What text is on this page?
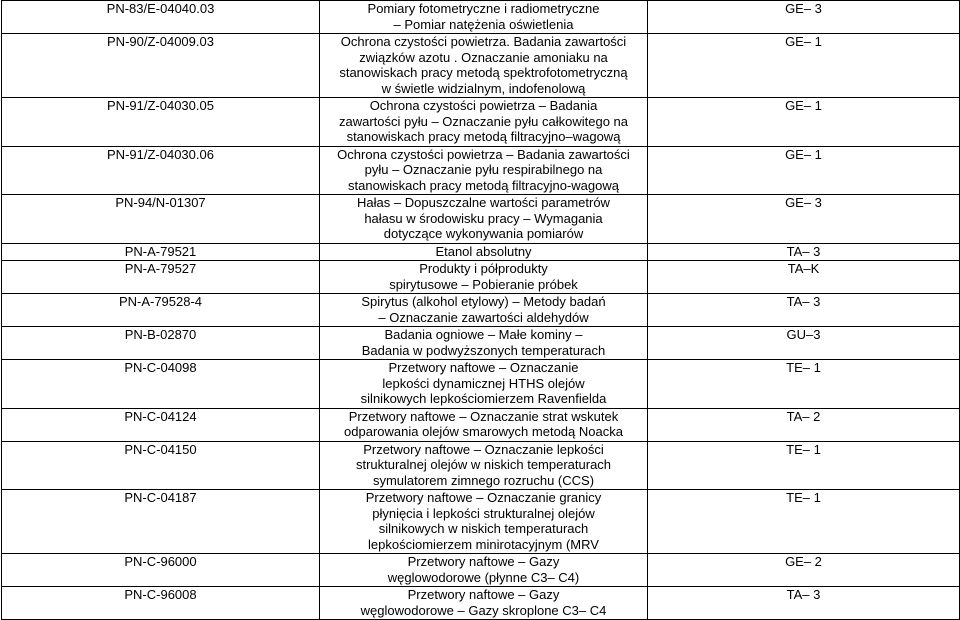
PN-83/E-04040.03	Pomiary fotometryczne i radiometryczne
– Pomiar natężenia oświetlenia	GE– 3
PN-90/Z-04009.03	Ochrona czystości powietrza. Badania zawartości
związków azotu . Oznaczanie amoniaku na
stanowiskach pracy metodą spektrofotometryczną
w świetle widzialnym, indofenolową	GE– 1
PN-91/Z-04030.05	Ochrona czystości powietrza – Badania
zawartości pyłu – Oznaczanie pyłu całkowitego na
stanowiskach pracy metodą filtracyjno–wagową	GE– 1
PN-91/Z-04030.06	Ochrona czystości powietrza – Badania zawartości
pyłu – Oznaczanie pyłu respirabilnego na
stanowiskach pracy metodą filtracyjno-wagową	GE– 1
PN-94/N-01307	Hałas – Dopuszczalne wartości parametrów
hałasu w środowisku pracy – Wymagania
dotyczące wykonywania pomiarów	GE– 3
PN-A-79521	Etanol absolutny	TA– 3
PN-A-79527	Produkty i półprodukty
spirytusowe – Pobieranie próbek	TA–K
PN-A-79528-4	Spirytus (alkohol etylowy) – Metody badań
– Oznaczanie zawartości aldehydów	TA– 3
PN-B-02870	Badania ogniowe – Małe kominy –
Badania w podwyższonych temperaturach	GU–3
PN-C-04098	Przetwory naftowe – Oznaczanie
lepkości dynamicznej HTHS olejów
silnikowych lepkościomierzem Ravenfielda	TE– 1
PN-C-04124	Przetwory naftowe – Oznaczanie strat wskutek
odparowania olejów smarowych metodą Noacka	TA– 2
PN-C-04150	Przetwory naftowe – Oznaczanie lepkości
strukturalnej olejów w niskich temperaturach
symulatorem zimnego rozruchu (CCS)	TE– 1
PN-C-04187	Przetwory naftowe – Oznaczanie granicy
płynięcia i lepkości strukturalnej olejów
silnikowych w niskich temperaturach
lepkościomierzem minirotacyjnym (MRV	TE– 1
PN-C-96000	Przetwory naftowe – Gazy
węglowodorowe (płynne C3– C4)	GE– 2
PN-C-96008	Przetwory naftowe – Gazy
węglowodorowe – Gazy skroplone C3– C4	TA– 3
